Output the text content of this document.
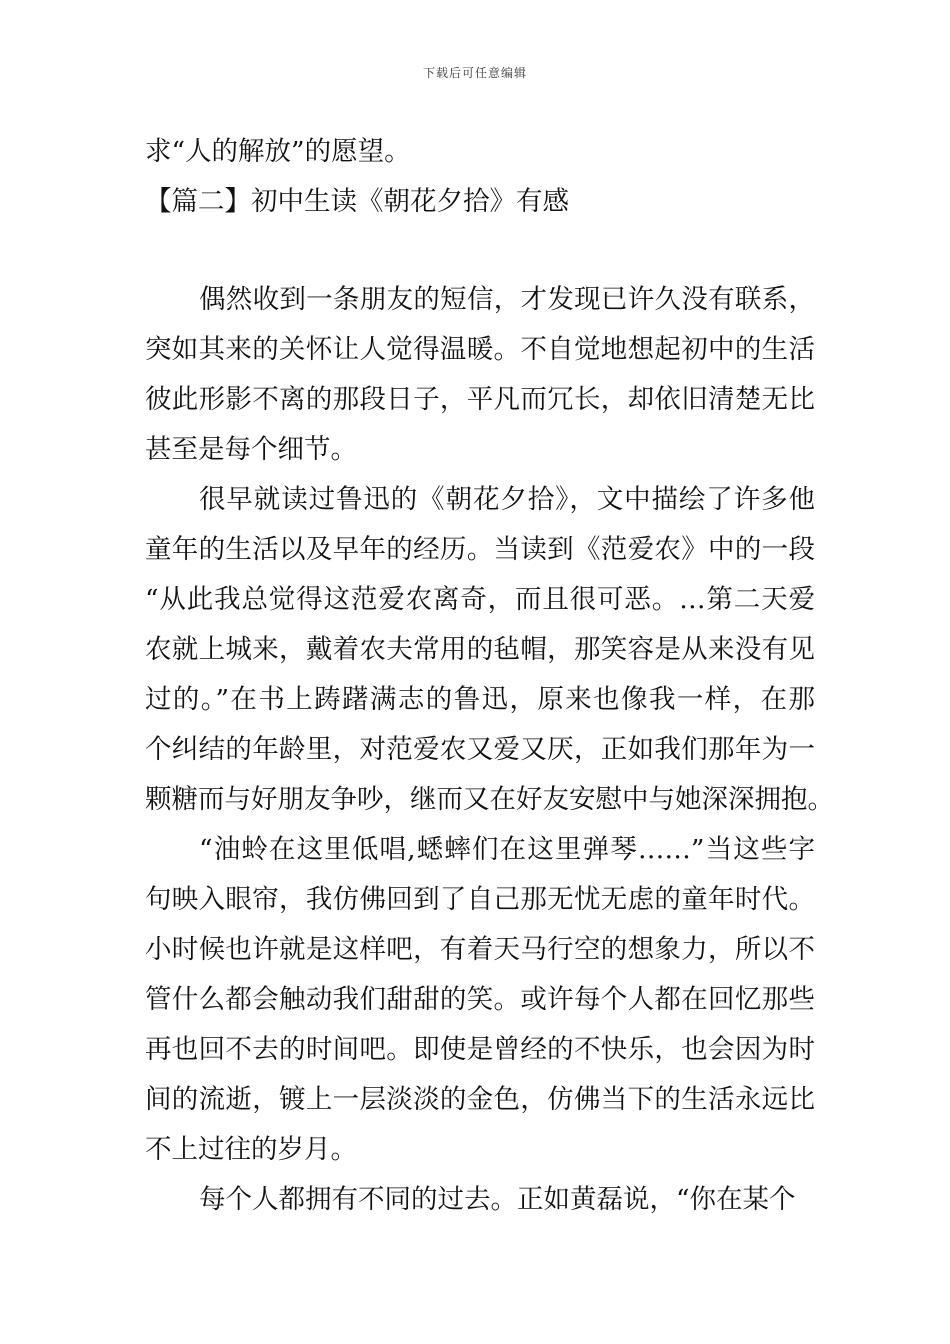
下载后可任意编辑
求“人的解放”的愿望。
【篇二】初中生读《朝花夕拾》有感
偶然收到一条朋友的短信，才发现已许久没有联系，
突如其来的关怀让人觉得温暖。不自觉地想起初中的生活
彼此形影不离的那段日子，平凡而冗长，却依旧清楚无比
甚至是每个细节。
很早就读过鲁迅的《朝花夕拾》，文中描绘了许多他
童年的生活以及早年的经历。当读到《范爱农》中的一段
“从此我总觉得这范爱农离奇，而且很可恶。…第二天爱
农就上城来，戴着农夫常用的毡帽，那笑容是从来没有见
过的。”在书上踌躇满志的鲁迅，原来也像我一样，在那
个纠结的年龄里，对范爱农又爱又厌，正如我们那年为一
颗糖而与好朋友争吵，继而又在好友安慰中与她深深拥抱。
“油蛉在这里低唱,蟋蟀们在这里弹琴……”当这些字
句映入眼帘，我仿佛回到了自己那无忧无虑的童年时代。
小时候也许就是这样吧，有着天马行空的想象力，所以不
管什么都会触动我们甜甜的笑。或许每个人都在回忆那些
再也回不去的时间吧。即使是曾经的不快乐，也会因为时
间的流逝，镀上一层淡淡的金色，仿佛当下的生活永远比
不上过往的岁月。
每个人都拥有不同的过去。正如黄磊说，“你在某个
